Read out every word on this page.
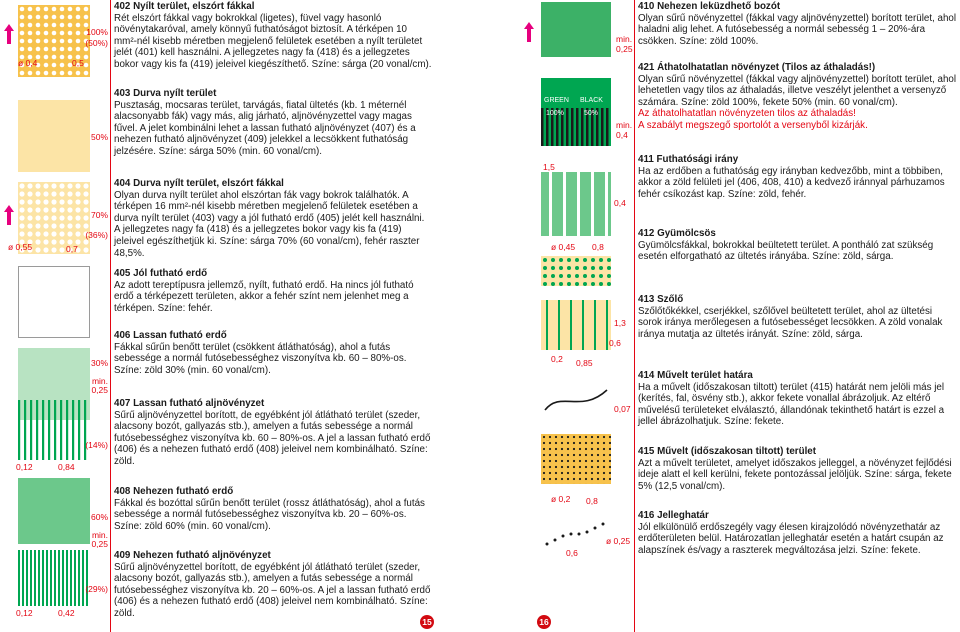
100%
(50%)
ø 0,4	0,5
50%
70%
(36%)
ø 0,55	0,7
30%
min.
0,25
(14%)
0,12	0,84
60%
min.
0,25
(29%)
0,12	0,42
402 Nyílt terület, elszórt fákkal
Rét elszórt fákkal vagy bokrokkal (ligetes), füvel vagy hasonló növénytakaróval, amely könnyű futhatóságot biztosít. A térképen 10 mm²-nél kisebb méretben megjelenő felületek esetében a nyílt területet jelét (401) kell használni. A jellegzetes nagy fa (418) és a jellegzetes bokor vagy kis fa (419) jeleivel kiegészíthető. Színe: sárga (20 vonal/cm).
403 Durva nyílt terület
Pusztaság, mocsaras terület, tarvágás, fiatal ültetés (kb. 1 méternél alacsonyabb fák) vagy más, alig járható, aljnövényzettel vagy magas fűvel. A jelet kombinálni lehet a lassan futható aljnövényzet (407) és a nehezen futható aljnövényzet (409) jelekkel a lecsökkent futhatóság jelzésére. Színe: sárga 50% (min. 60 vonal/cm).
404 Durva nyílt terület, elszórt fákkal
Olyan durva nyílt terület ahol elszórtan fák vagy bokrok találhatók. A térképen 16 mm²-nél kisebb méretben megjelenő felületek esetében a durva nyílt terület (403) vagy a jól futható erdő (405) jelét kell használni. A jellegzetes nagy fa (418) és a jellegzetes bokor vagy kis fa (419) jeleivel egészíthetjük ki. Színe: sárga 70% (60 vonal/cm), fehér raszter 48,5%.
405 Jól futható erdő
Az adott tereptípusra jellemző, nyílt, futható erdő. Ha nincs jól futható erdő a térképezett területen, akkor a fehér színt nem jelenhet meg a térképen. Színe: fehér.
406 Lassan futható erdő
Fákkal sűrűn benőtt terület (csökkent átláthatóság), ahol a futás sebessége a normál futósebességhez viszonyítva kb. 60 – 80%-os. Színe: zöld 30% (min. 60 vonal/cm).
407 Lassan futható aljnövényzet
Sűrű aljnövényzettel borított, de egyébként jól átlátható terület (szeder, alacsony bozót, gallyazás stb.), amelyen a futás sebessége a normál futósebességhez viszonyítva kb. 60 – 80%-os. A jel a lassan futható erdő (406) és a nehezen futható erdő (408) jeleivel nem kombinálható. Színe: zöld.
408 Nehezen futható erdő
Fákkal és bozóttal sűrűn benőtt terület (rossz átláthatóság), ahol a futás sebessége a normál futósebességhez viszonyítva kb. 20 – 60%-os. Színe: zöld 60% (min. 60 vonal/cm).
409 Nehezen futható aljnövényzet
Sűrű aljnövényzettel borított, de egyébként jól átlátható terület (szeder, alacsony bozót, gallyazás stb.), amelyen a futás sebessége a normál futósebességhez viszonyítva kb. 20 – 60%-os. A jel a lassan futható erdő (406) és a nehezen futható erdő (408) jeleivel nem kombinálható. Színe: zöld.
15
min.
0,25
GREEN BLACK
100%	50%
min.
0,4
1,5
0,4
ø 0,45 0,8
1,3
0,6
0,2 0,85
0,07
ø 0,2 0,8
ø 0,25
0,6
410 Nehezen leküzdhető bozót
Olyan sűrű növényzettel (fákkal vagy aljnövényzettel) borított terület, ahol haladni alig lehet. A futósebesség a normál sebesség 1 – 20%-ára csökken. Színe: zöld 100%.
421 Áthatolhatatlan növényzet (Tilos az áthaladás!)
Olyan sűrű növényzettel (fákkal vagy aljnövényzettel) borított terület, ahol lehetetlen vagy tilos az áthaladás, illetve veszélyt jelenthet a versenyző számára. Színe: zöld 100%, fekete 50% (min. 60 vonal/cm).
Az áthatolhatatlan növényzeten tilos az áthaladás!
A szabályt megszegő sportolót a versenyből kizárják.
411 Futhatósági irány
Ha az erdőben a futhatóság egy irányban kedvezőbb, mint a többiben, akkor a zöld felületi jel (406, 408, 410) a kedvező iránnyal párhuzamos fehér csíkozást kap. Színe: zöld, fehér.
412 Gyümölcsös
Gyümölcsfákkal, bokrokkal beültetett terület. A pontháló zat szükség esetén elforgatható az ültetés irányába. Színe: zöld, sárga.
413 Szőlő
Szőlőtőkékkel, cserjékkel, szőlővel beültetett terület, ahol az ültetési sorok iránya merőlegesen a futósebességet lecsökken. A zöld vonalak iránya mutatja az ültetés irányát. Színe: zöld, sárga.
414 Művelt terület határa
Ha a művelt (időszakosan tiltott) terület (415) határát nem jelöli más jel (kerítés, fal, ösvény stb.), akkor fekete vonallal ábrázoljuk. Az eltérő művelésű területeket elválasztó, állandónak tekinthető határt is ezzel a jellel ábrázolhatjuk. Színe: fekete.
415 Művelt (időszakosan tiltott) terület
Azt a művelt területet, amelyet időszakos jelleggel, a növényzet fejlődési ideje alatt el kell kerülni, fekete pontozással jelöljük. Színe: sárga, fekete 5% (12,5 vonal/cm).
416 Jelleghatár
Jól elkülönülő erdőszegély vagy élesen kirajzolódó növényzethatár az erdőterületen belül. Határozatlan jelleghatár esetén a határt csupán az alapszínek és/vagy a raszterek megváltozása jelzi. Színe: fekete.
16
